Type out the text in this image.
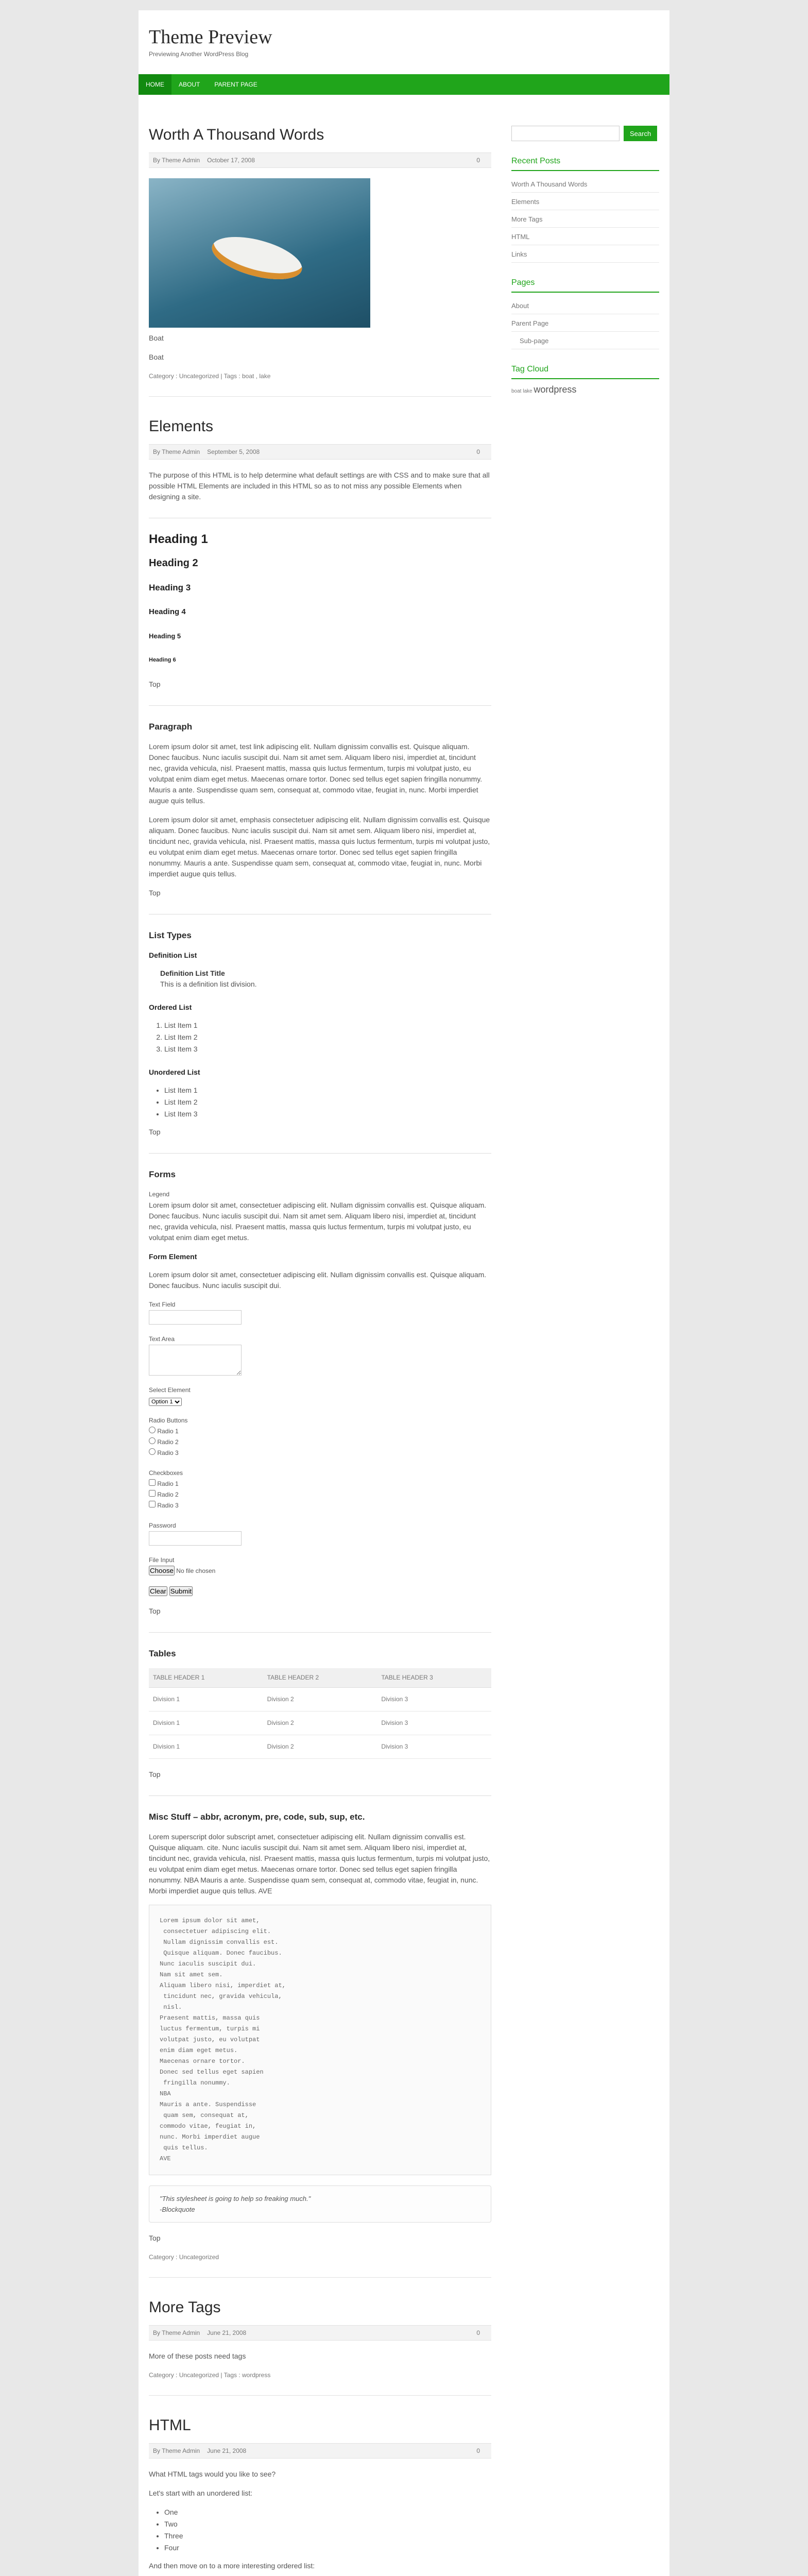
Theme Preview
Previewing Another WordPress Blog
HOME	ABOUT	PARENT PAGE
Worth A Thousand Words
By Theme Admin October 17, 2008	0

Boat

Boat

Category : Uncategorized | Tags : boat , lake
Elements
By Theme Admin September 5, 2008	0

The purpose of this HTML is to help determine what default settings are with CSS and to make sure that all possible HTML Elements are included in this HTML so as to not miss any possible Elements when designing a site.

Heading 1
Heading 2
Heading 3
Heading 4
Heading 5
Heading 6

Top

Paragraph

Lorem ipsum dolor sit amet, test link adipiscing elit. Nullam dignissim convallis est. Quisque aliquam. Donec faucibus. Nunc iaculis suscipit dui. Nam sit amet sem. Aliquam libero nisi, imperdiet at, tincidunt nec, gravida vehicula, nisl. Praesent mattis, massa quis luctus fermentum, turpis mi volutpat justo, eu volutpat enim diam eget metus. Maecenas ornare tortor. Donec sed tellus eget sapien fringilla nonummy. Mauris a ante. Suspendisse quam sem, consequat at, commodo vitae, feugiat in, nunc. Morbi imperdiet augue quis tellus.

Lorem ipsum dolor sit amet, emphasis consectetuer adipiscing elit. Nullam dignissim convallis est. Quisque aliquam. Donec faucibus. Nunc iaculis suscipit dui. Nam sit amet sem. Aliquam libero nisi, imperdiet at, tincidunt nec, gravida vehicula, nisl. Praesent mattis, massa quis luctus fermentum, turpis mi volutpat justo, eu volutpat enim diam eget metus. Maecenas ornare tortor. Donec sed tellus eget sapien fringilla nonummy. Mauris a ante. Suspendisse quam sem, consequat at, commodo vitae, feugiat in, nunc. Morbi imperdiet augue quis tellus.

Top

List Types
Definition List
Definition List Title
This is a definition list division.
Ordered List
1. List Item 1
2. List Item 2
3. List Item 3
Unordered List
• List Item 1
• List Item 2
• List Item 3

Top

Forms
Legend

Lorem ipsum dolor sit amet, consectetuer adipiscing elit. Nullam dignissim convallis est. Quisque aliquam. Donec faucibus. Nunc iaculis suscipit dui. Nam sit amet sem. Aliquam libero nisi, imperdiet at, tincidunt nec, gravida vehicula, nisl. Praesent mattis, massa quis luctus fermentum, turpis mi volutpat justo, eu volutpat enim diam eget metus.

Form Element

Lorem ipsum dolor sit amet, consectetuer adipiscing elit. Nullam dignissim convallis est. Quisque aliquam. Donec faucibus. Nunc iaculis suscipit dui.

Text Field
Text Area
Select Element
Option 1
Radio Buttons
Radio 1
Radio 2
Radio 3
Checkboxes
Radio 1
Radio 2
Radio 3
Password
File Input
Choose No file chosen
Clear Submit

Top

Tables
TABLE HEADER 1	TABLE HEADER 2	TABLE HEADER 3
Division 1	Division 2	Division 3
Division 1	Division 2	Division 3
Division 1	Division 2	Division 3

Top

Misc Stuff – abbr, acronym, pre, code, sub, sup, etc.

Lorem superscript dolor subscript amet, consectetuer adipiscing elit. Nullam dignissim convallis est. Quisque aliquam. cite. Nunc iaculis suscipit dui. Nam sit amet sem. Aliquam libero nisi, imperdiet at, tincidunt nec, gravida vehicula, nisl. Praesent mattis, massa quis luctus fermentum, turpis mi volutpat justo, eu volutpat enim diam eget metus. Maecenas ornare tortor. Donec sed tellus eget sapien fringilla nonummy. NBA Mauris a ante. Suspendisse quam sem, consequat at, commodo vitae, feugiat in, nunc. Morbi imperdiet augue quis tellus. AVE

Lorem ipsum dolor sit amet,
consectetuer adipiscing elit.
Nullam dignissim convallis est.
Quisque aliquam. Donec faucibus.
Nunc iaculis suscipit dui.
Nam sit amet sem.
Aliquam libero nisi, imperdiet at,
tincidunt nec, gravida vehicula,
nisl.
Praesent mattis, massa quis
luctus fermentum, turpis mi
volutpat justo, eu volutpat
enim diam eget metus.
Maecenas ornare tortor.
Donec sed tellus eget sapien
fringilla nonummy.
NBA
Mauris a ante. Suspendisse
quam sem, consequat at,
commodo vitae, feugiat in,
nunc. Morbi imperdiet augue
quis tellus.
AVE
"This stylesheet is going to help so freaking much."
-Blockquote

Top

Category : Uncategorized
More Tags
By Theme Admin June 21, 2008	0

More of these posts need tags

Category : Uncategorized | Tags : wordpress
HTML
By Theme Admin June 21, 2008	0

What HTML tags would you like to see?

Let's start with an unordered list:

• One
• Two
• Three
• Four

And then move on to a more interesting ordered list:

Search
Recent Posts
Worth A Thousand Words
Elements
More Tags
HTML
Links
Pages
About
Parent Page
Sub-page
Tag Cloud
boat lake wordpress
